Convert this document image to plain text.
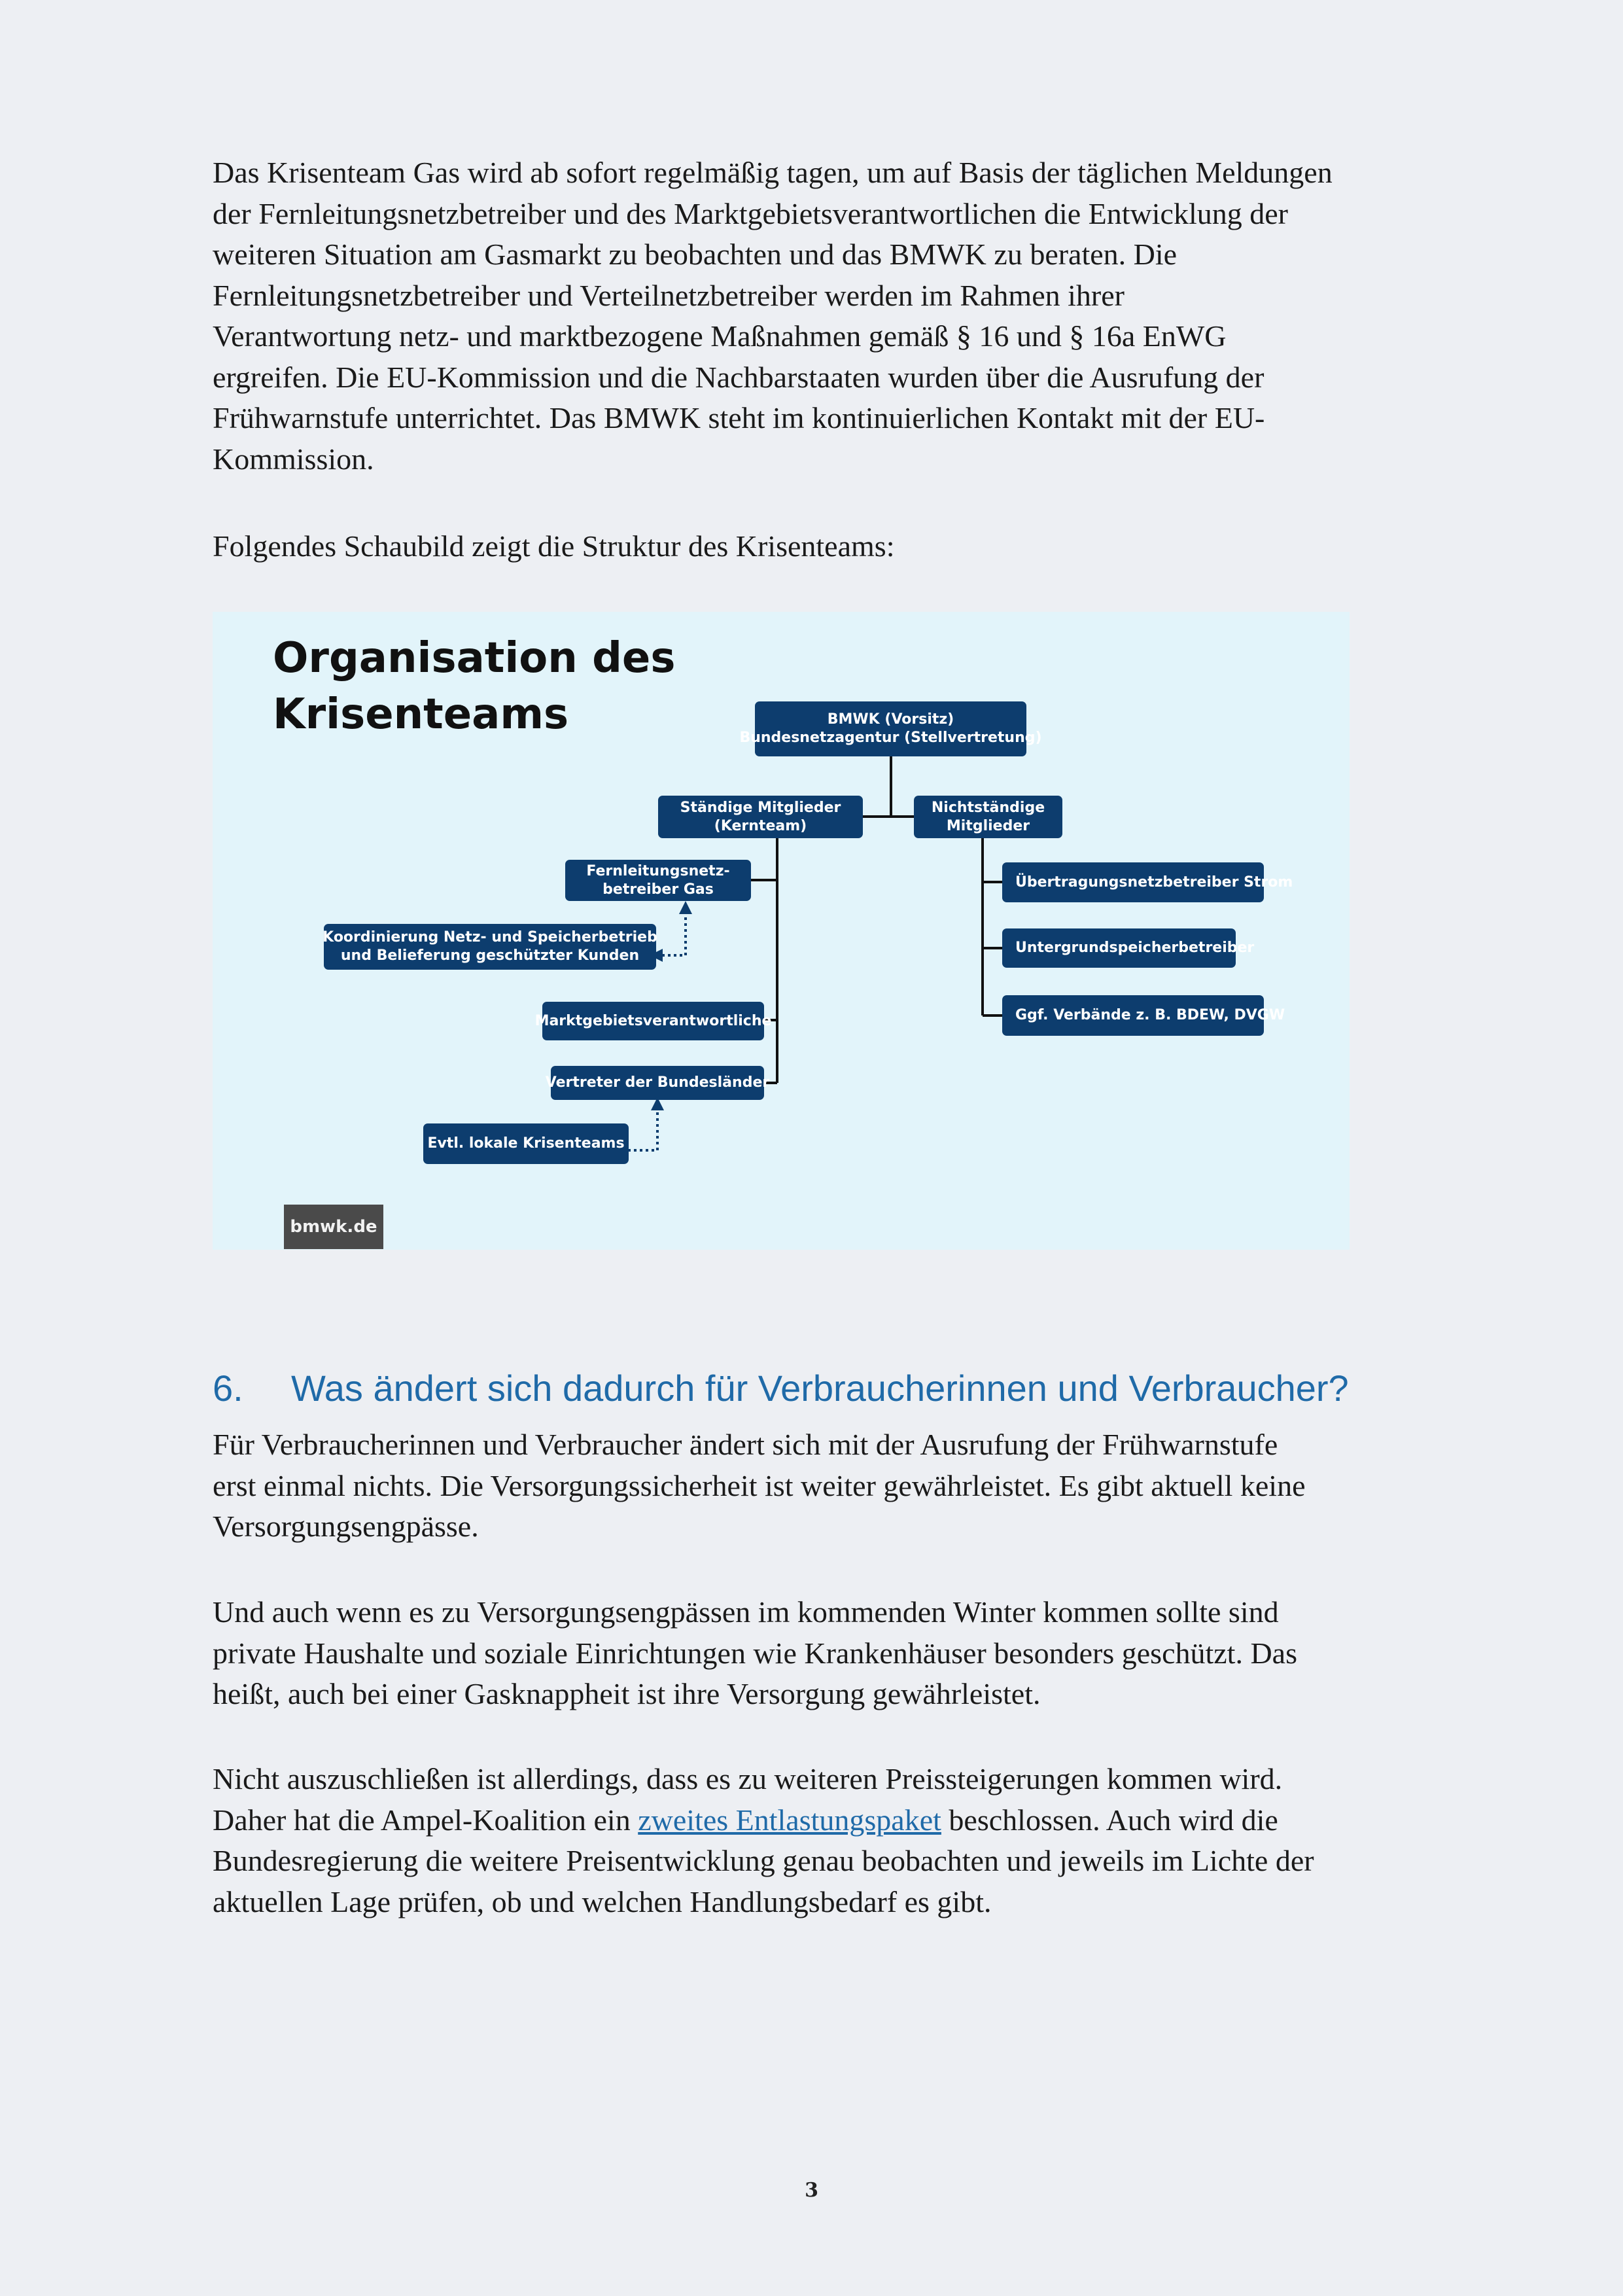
Das Krisenteam Gas wird ab sofort regelmäßig tagen, um auf Basis der täglichen Meldungen
der Fernleitungsnetzbetreiber und des Marktgebietsverantwortlichen die Entwicklung der
weiteren Situation am Gasmarkt zu beobachten und das BMWK zu beraten. Die
Fernleitungsnetzbetreiber und Verteilnetzbetreiber werden im Rahmen ihrer
Verantwortung netz- und marktbezogene Maßnahmen gemäß § 16 und § 16a EnWG
ergreifen. Die EU-Kommission und die Nachbarstaaten wurden über die Ausrufung der
Frühwarnstufe unterrichtet. Das BMWK steht im kontinuierlichen Kontakt mit der EU-
Kommission.

Folgendes Schaubild zeigt die Struktur des Krisenteams:

Organisation des
Krisenteams	BMWK (Vorsitz)
Bundesnetzagentur (Stellvertretung)
Ständige Mitglieder
(Kernteam)
Nichtständige
Mitglieder
Fernleitungsnetz-
betreiber Gas
Koordinierung Netz- und Speicherbetrieb
und Belieferung geschützter Kunden
Marktgebietsverantwortliche
Vertreter der Bundesländer
Evtl. lokale Krisenteams
Übertragungsnetzbetreiber Strom
Untergrundspeicherbetreiber
Ggf. Verbände z. B. BDEW, DVGW
bmwk.de
6. Was ändert sich dadurch für Verbraucherinnen und Verbraucher?

Für Verbraucherinnen und Verbraucher ändert sich mit der Ausrufung der Frühwarnstufe
erst einmal nichts. Die Versorgungssicherheit ist weiter gewährleistet. Es gibt aktuell keine
Versorgungsengpässe.

Und auch wenn es zu Versorgungsengpässen im kommenden Winter kommen sollte sind
private Haushalte und soziale Einrichtungen wie Krankenhäuser besonders geschützt. Das
heißt, auch bei einer Gasknappheit ist ihre Versorgung gewährleistet.

Nicht auszuschließen ist allerdings, dass es zu weiteren Preissteigerungen kommen wird.
Daher hat die Ampel-Koalition ein zweites Entlastungspaket beschlossen. Auch wird die
Bundesregierung die weitere Preisentwicklung genau beobachten und jeweils im Lichte der
aktuellen Lage prüfen, ob und welchen Handlungsbedarf es gibt.

3
